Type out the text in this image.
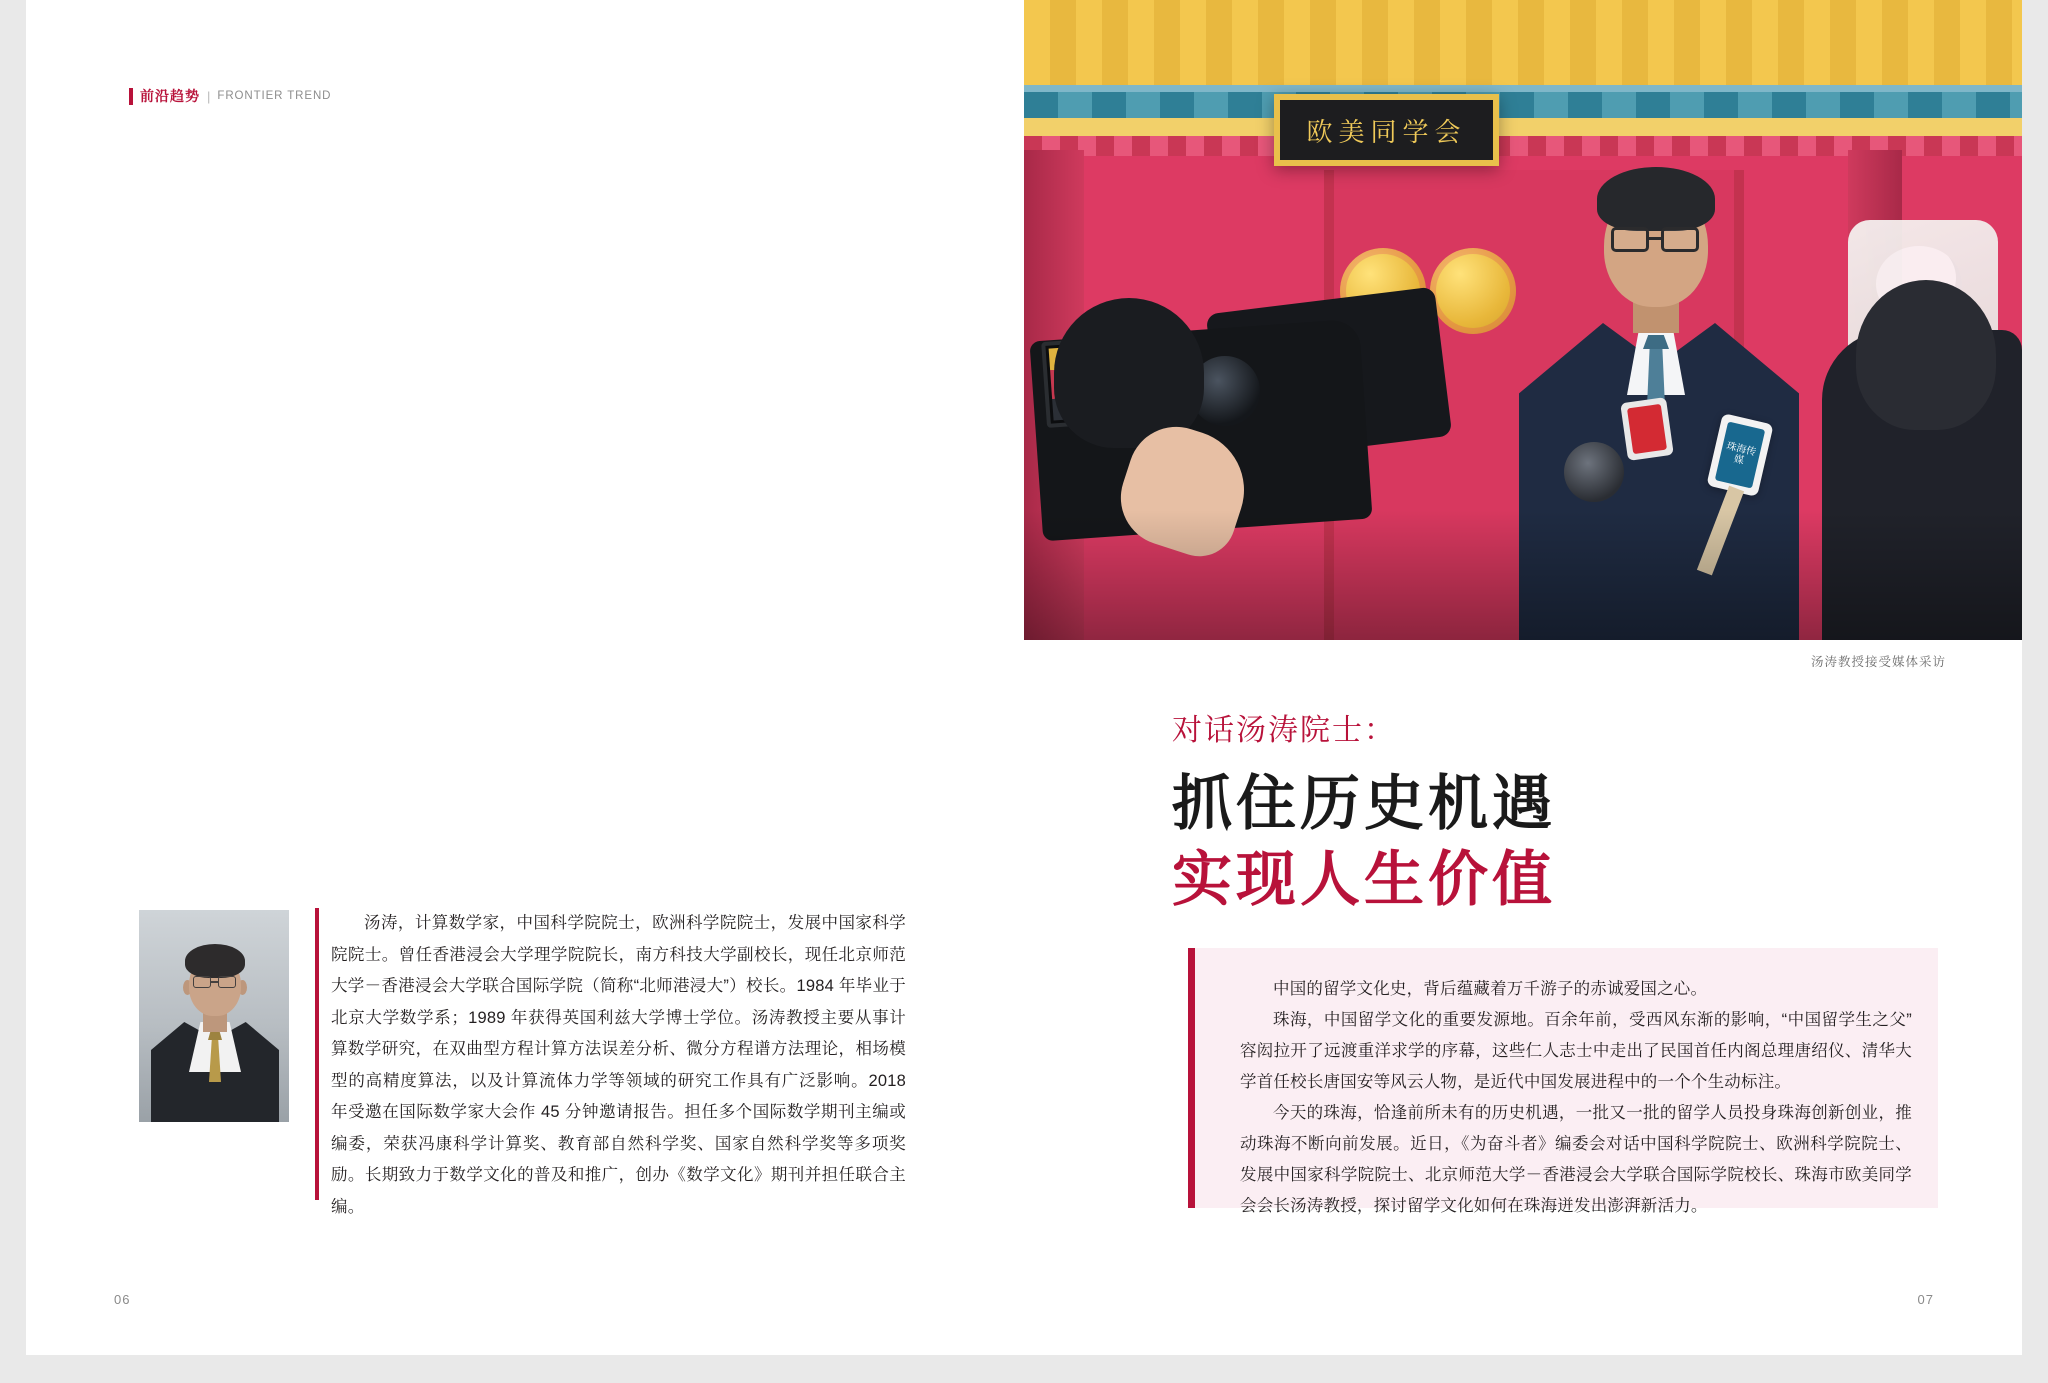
前沿趋势 | FRONTIER TREND

汤涛，计算数学家，中国科学院院士，欧洲科学院院士，发展中国家科学院院士。曾任香港浸会大学理学院院长，南方科技大学副校长，现任北京师范大学－香港浸会大学联合国际学院（简称“北师港浸大”）校长。1984 年毕业于北京大学数学系；1989 年获得英国利兹大学博士学位。汤涛教授主要从事计算数学研究，在双曲型方程计算方法误差分析、微分方程谱方法理论，相场模型的高精度算法，以及计算流体力学等领域的研究工作具有广泛影响。2018 年受邀在国际数学家大会作 45 分钟邀请报告。担任多个国际数学期刊主编或编委，荣获冯康科学计算奖、教育部自然科学奖、国家自然科学奖等多项奖励。长期致力于数学文化的普及和推广，创办《数学文化》期刊并担任联合主编。

06
欧美同学会
珠海传媒
汤涛教授接受媒体采访
对话汤涛院士：
抓住历史机遇
实现人生价值
07

中国的留学文化史，背后蕴藏着万千游子的赤诚爱国之心。

珠海，中国留学文化的重要发源地。百余年前，受西风东渐的影响，“中国留学生之父”容闳拉开了远渡重洋求学的序幕，这些仁人志士中走出了民国首任内阁总理唐绍仪、清华大学首任校长唐国安等风云人物，是近代中国发展进程中的一个个生动标注。

今天的珠海，恰逢前所未有的历史机遇，一批又一批的留学人员投身珠海创新创业，推动珠海不断向前发展。近日，《为奋斗者》编委会对话中国科学院院士、欧洲科学院院士、发展中国家科学院院士、北京师范大学－香港浸会大学联合国际学院校长、珠海市欧美同学会会长汤涛教授，探讨留学文化如何在珠海迸发出澎湃新活力。
